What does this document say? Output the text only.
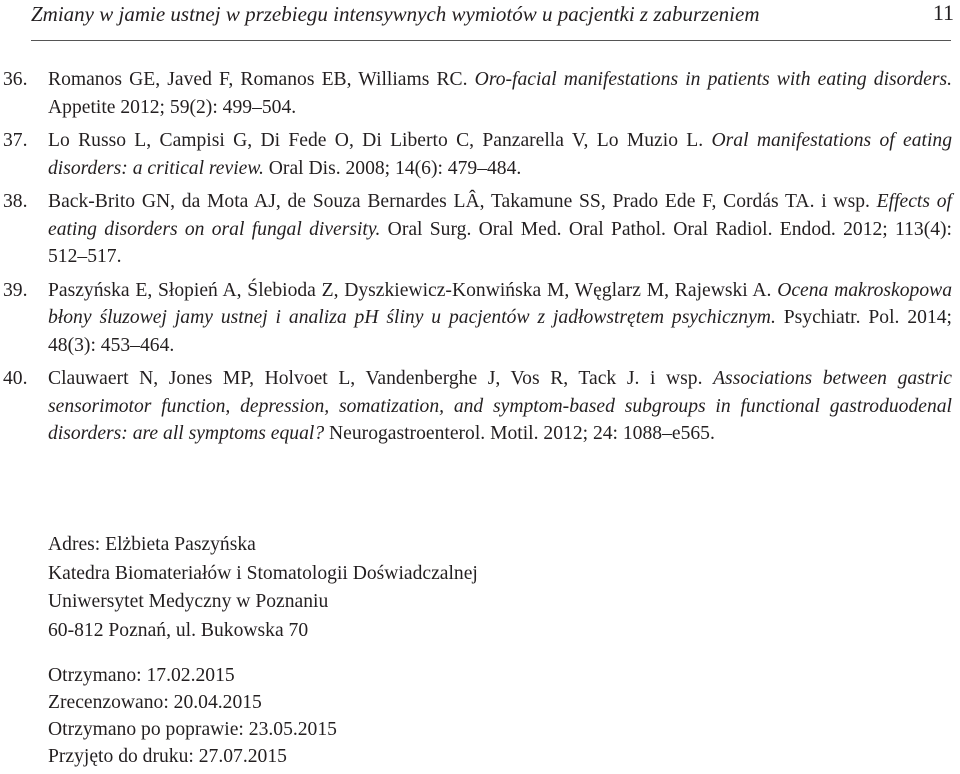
Zmiany w jamie ustnej w przebiegu intensywnych wymiotów u pacjentki z zaburzeniem	11
36. Romanos GE, Javed F, Romanos EB, Williams RC. Oro-facial manifestations in patients with eating disorders. Appetite 2012; 59(2): 499–504.
37. Lo Russo L, Campisi G, Di Fede O, Di Liberto C, Panzarella V, Lo Muzio L. Oral manifestations of eating disorders: a critical review. Oral Dis. 2008; 14(6): 479–484.
38. Back-Brito GN, da Mota AJ, de Souza Bernardes LÂ, Takamune SS, Prado Ede F, Cordás TA. i wsp. Effects of eating disorders on oral fungal diversity. Oral Surg. Oral Med. Oral Pathol. Oral Radiol. Endod. 2012; 113(4): 512–517.
39. Paszyńska E, Słopień A, Ślebioda Z, Dyszkiewicz-Konwińska M, Węglarz M, Rajewski A. Ocena makroskopowa błony śluzowej jamy ustnej i analiza pH śliny u pacjentów z jadłowstrętem psychicznym. Psychiatr. Pol. 2014; 48(3): 453–464.
40. Clauwaert N, Jones MP, Holvoet L, Vandenberghe J, Vos R, Tack J. i wsp. Associations between gastric sensorimotor function, depression, somatization, and symptom-based subgroups in functional gastroduodenal disorders: are all symptoms equal? Neurogastroenterol. Motil. 2012; 24: 1088–e565.
Adres: Elżbieta Paszyńska
Katedra Biomateriałów i Stomatologii Doświadczalnej
Uniwersytet Medyczny w Poznaniu
60-812 Poznań, ul. Bukowska 70
Otrzymano: 17.02.2015
Zrecenzowano: 20.04.2015
Otrzymano po poprawie: 23.05.2015
Przyjęto do druku: 27.07.2015
